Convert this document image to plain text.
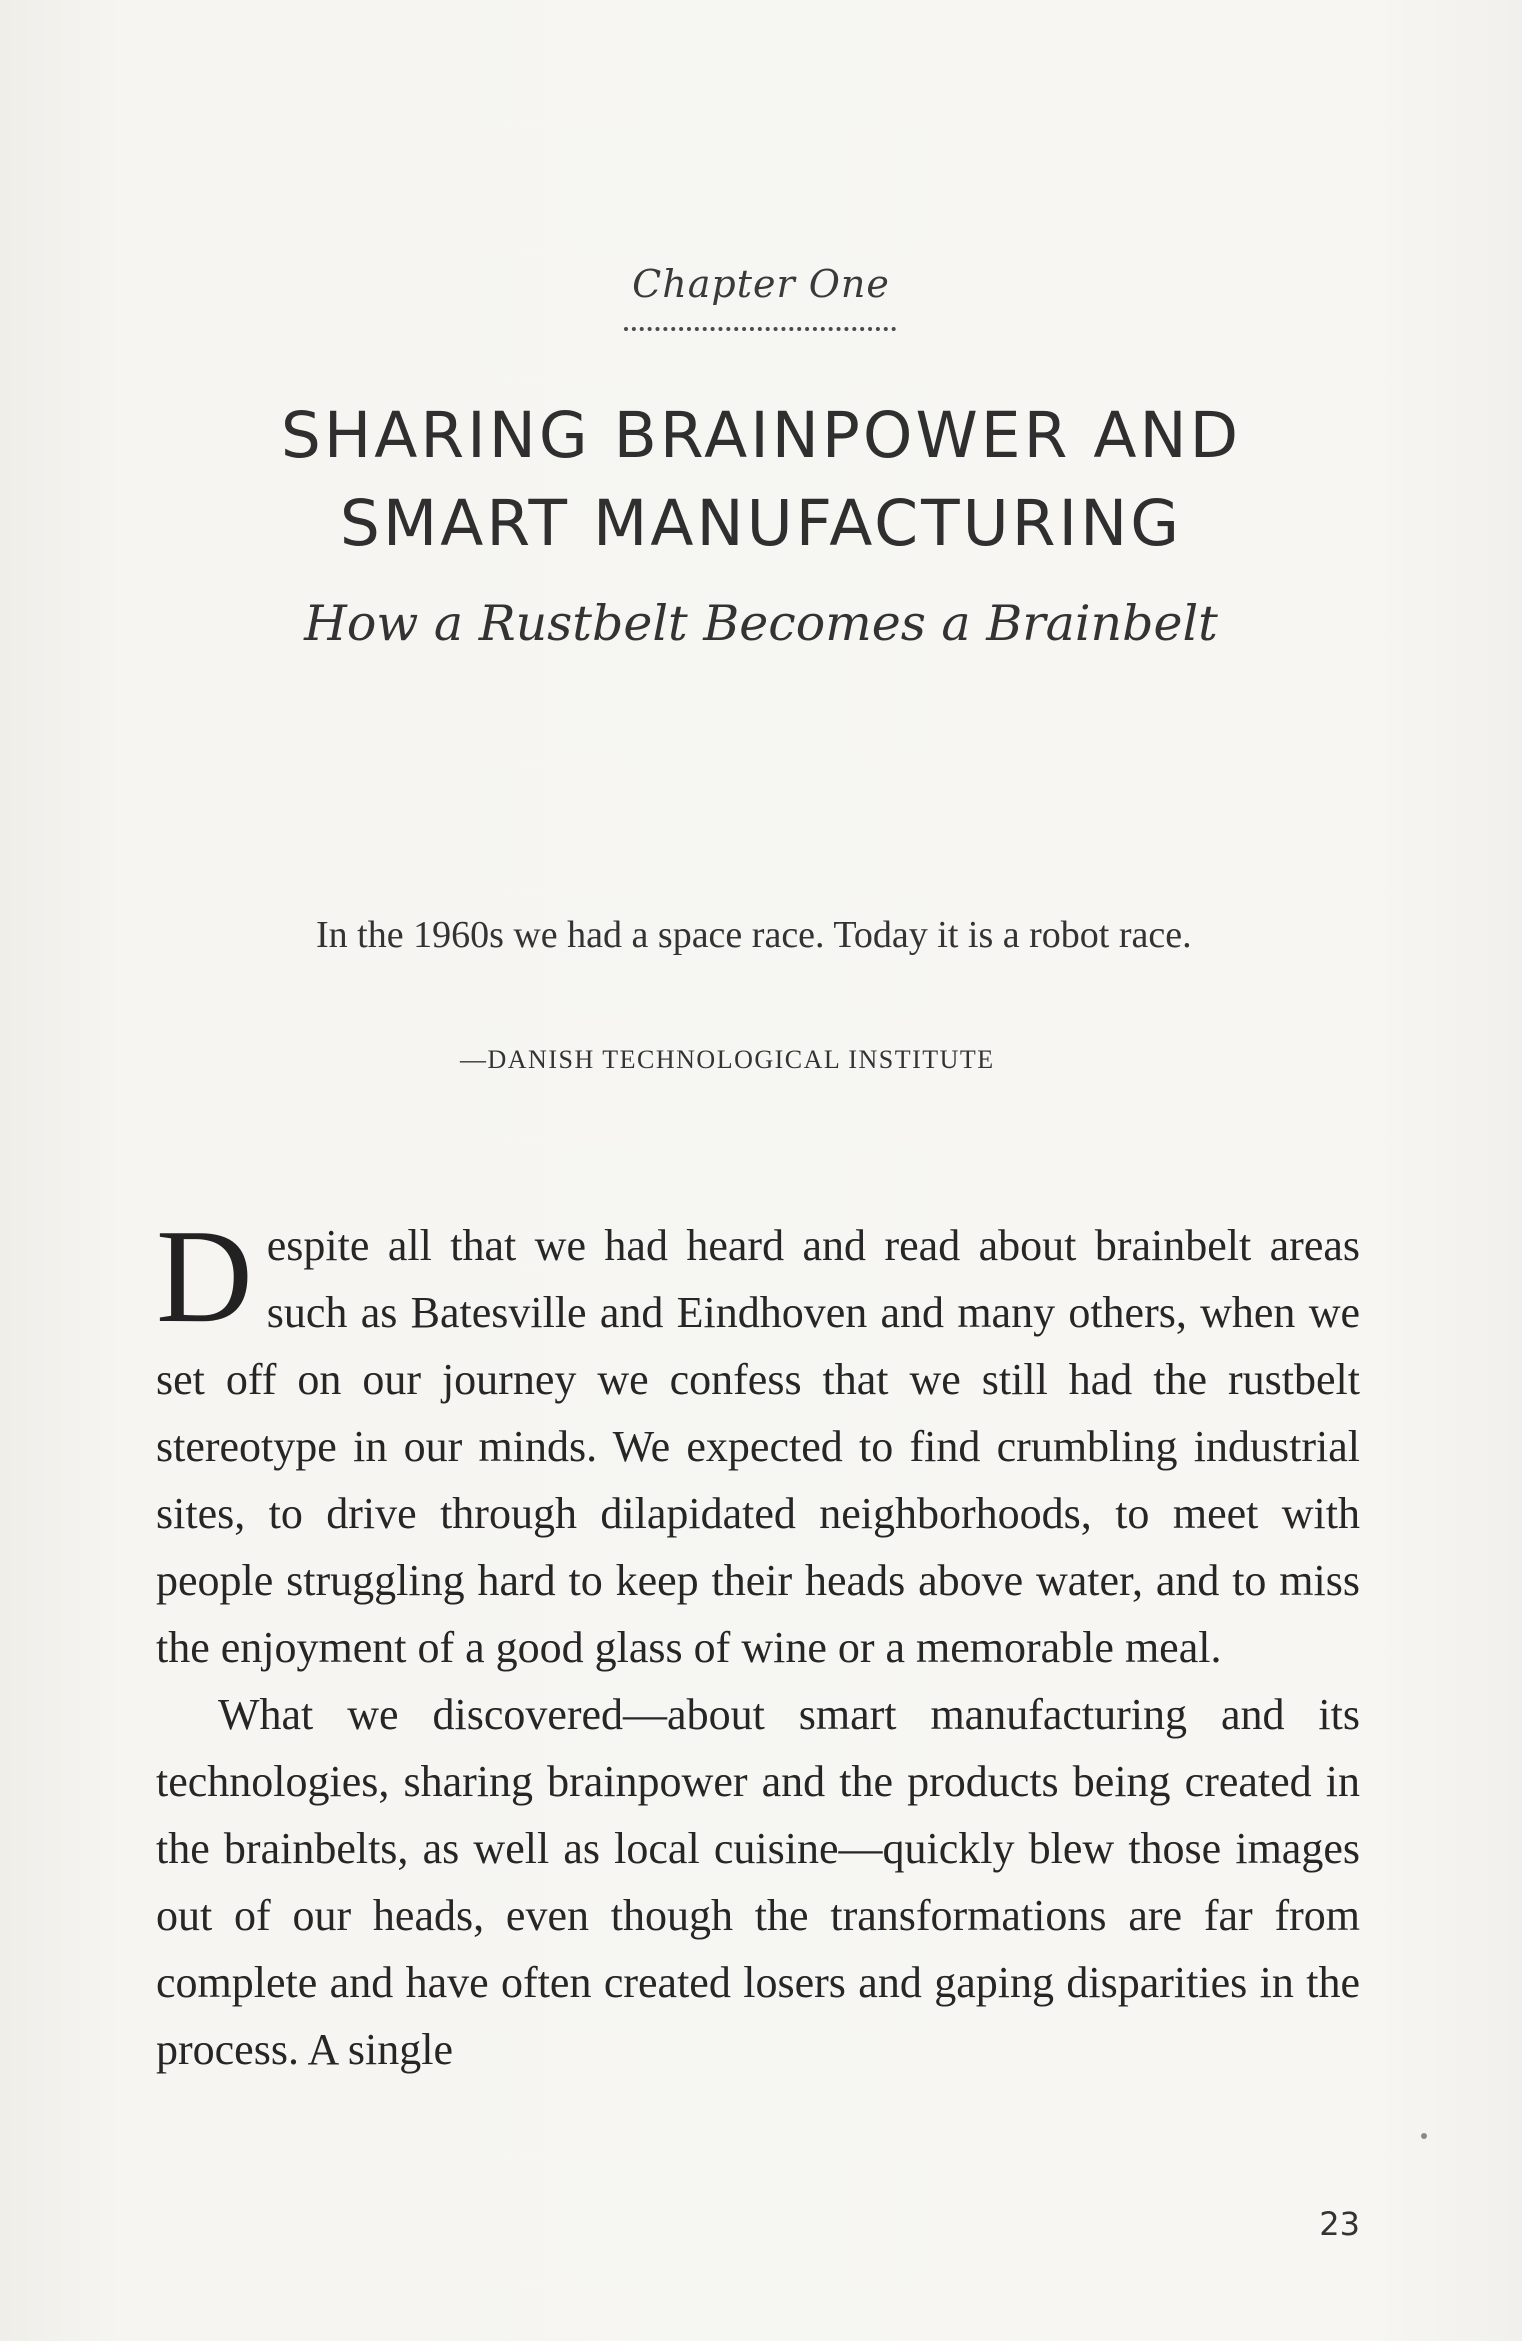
Chapter One
SHARING BRAINPOWER AND
SMART MANUFACTURING
How a Rustbelt Becomes a Brainbelt
In the 1960s we had a space race. Today it is a robot race.
—DANISH TECHNOLOGICAL INSTITUTE

Despite all that we had heard and read about brainbelt areas such as Batesville and Eindhoven and many others, when we set off on our journey we confess that we still had the rustbelt stereotype in our minds. We expected to find crumbling industrial sites, to drive through dilapidated neighborhoods, to meet with people struggling hard to keep their heads above water, and to miss the enjoyment of a good glass of wine or a memorable meal.

What we discovered—about smart manufacturing and its technologies, sharing brainpower and the products being created in the brainbelts, as well as local cuisine—quickly blew those images out of our heads, even though the transformations are far from complete and have often created losers and gaping disparities in the process. A single

23
